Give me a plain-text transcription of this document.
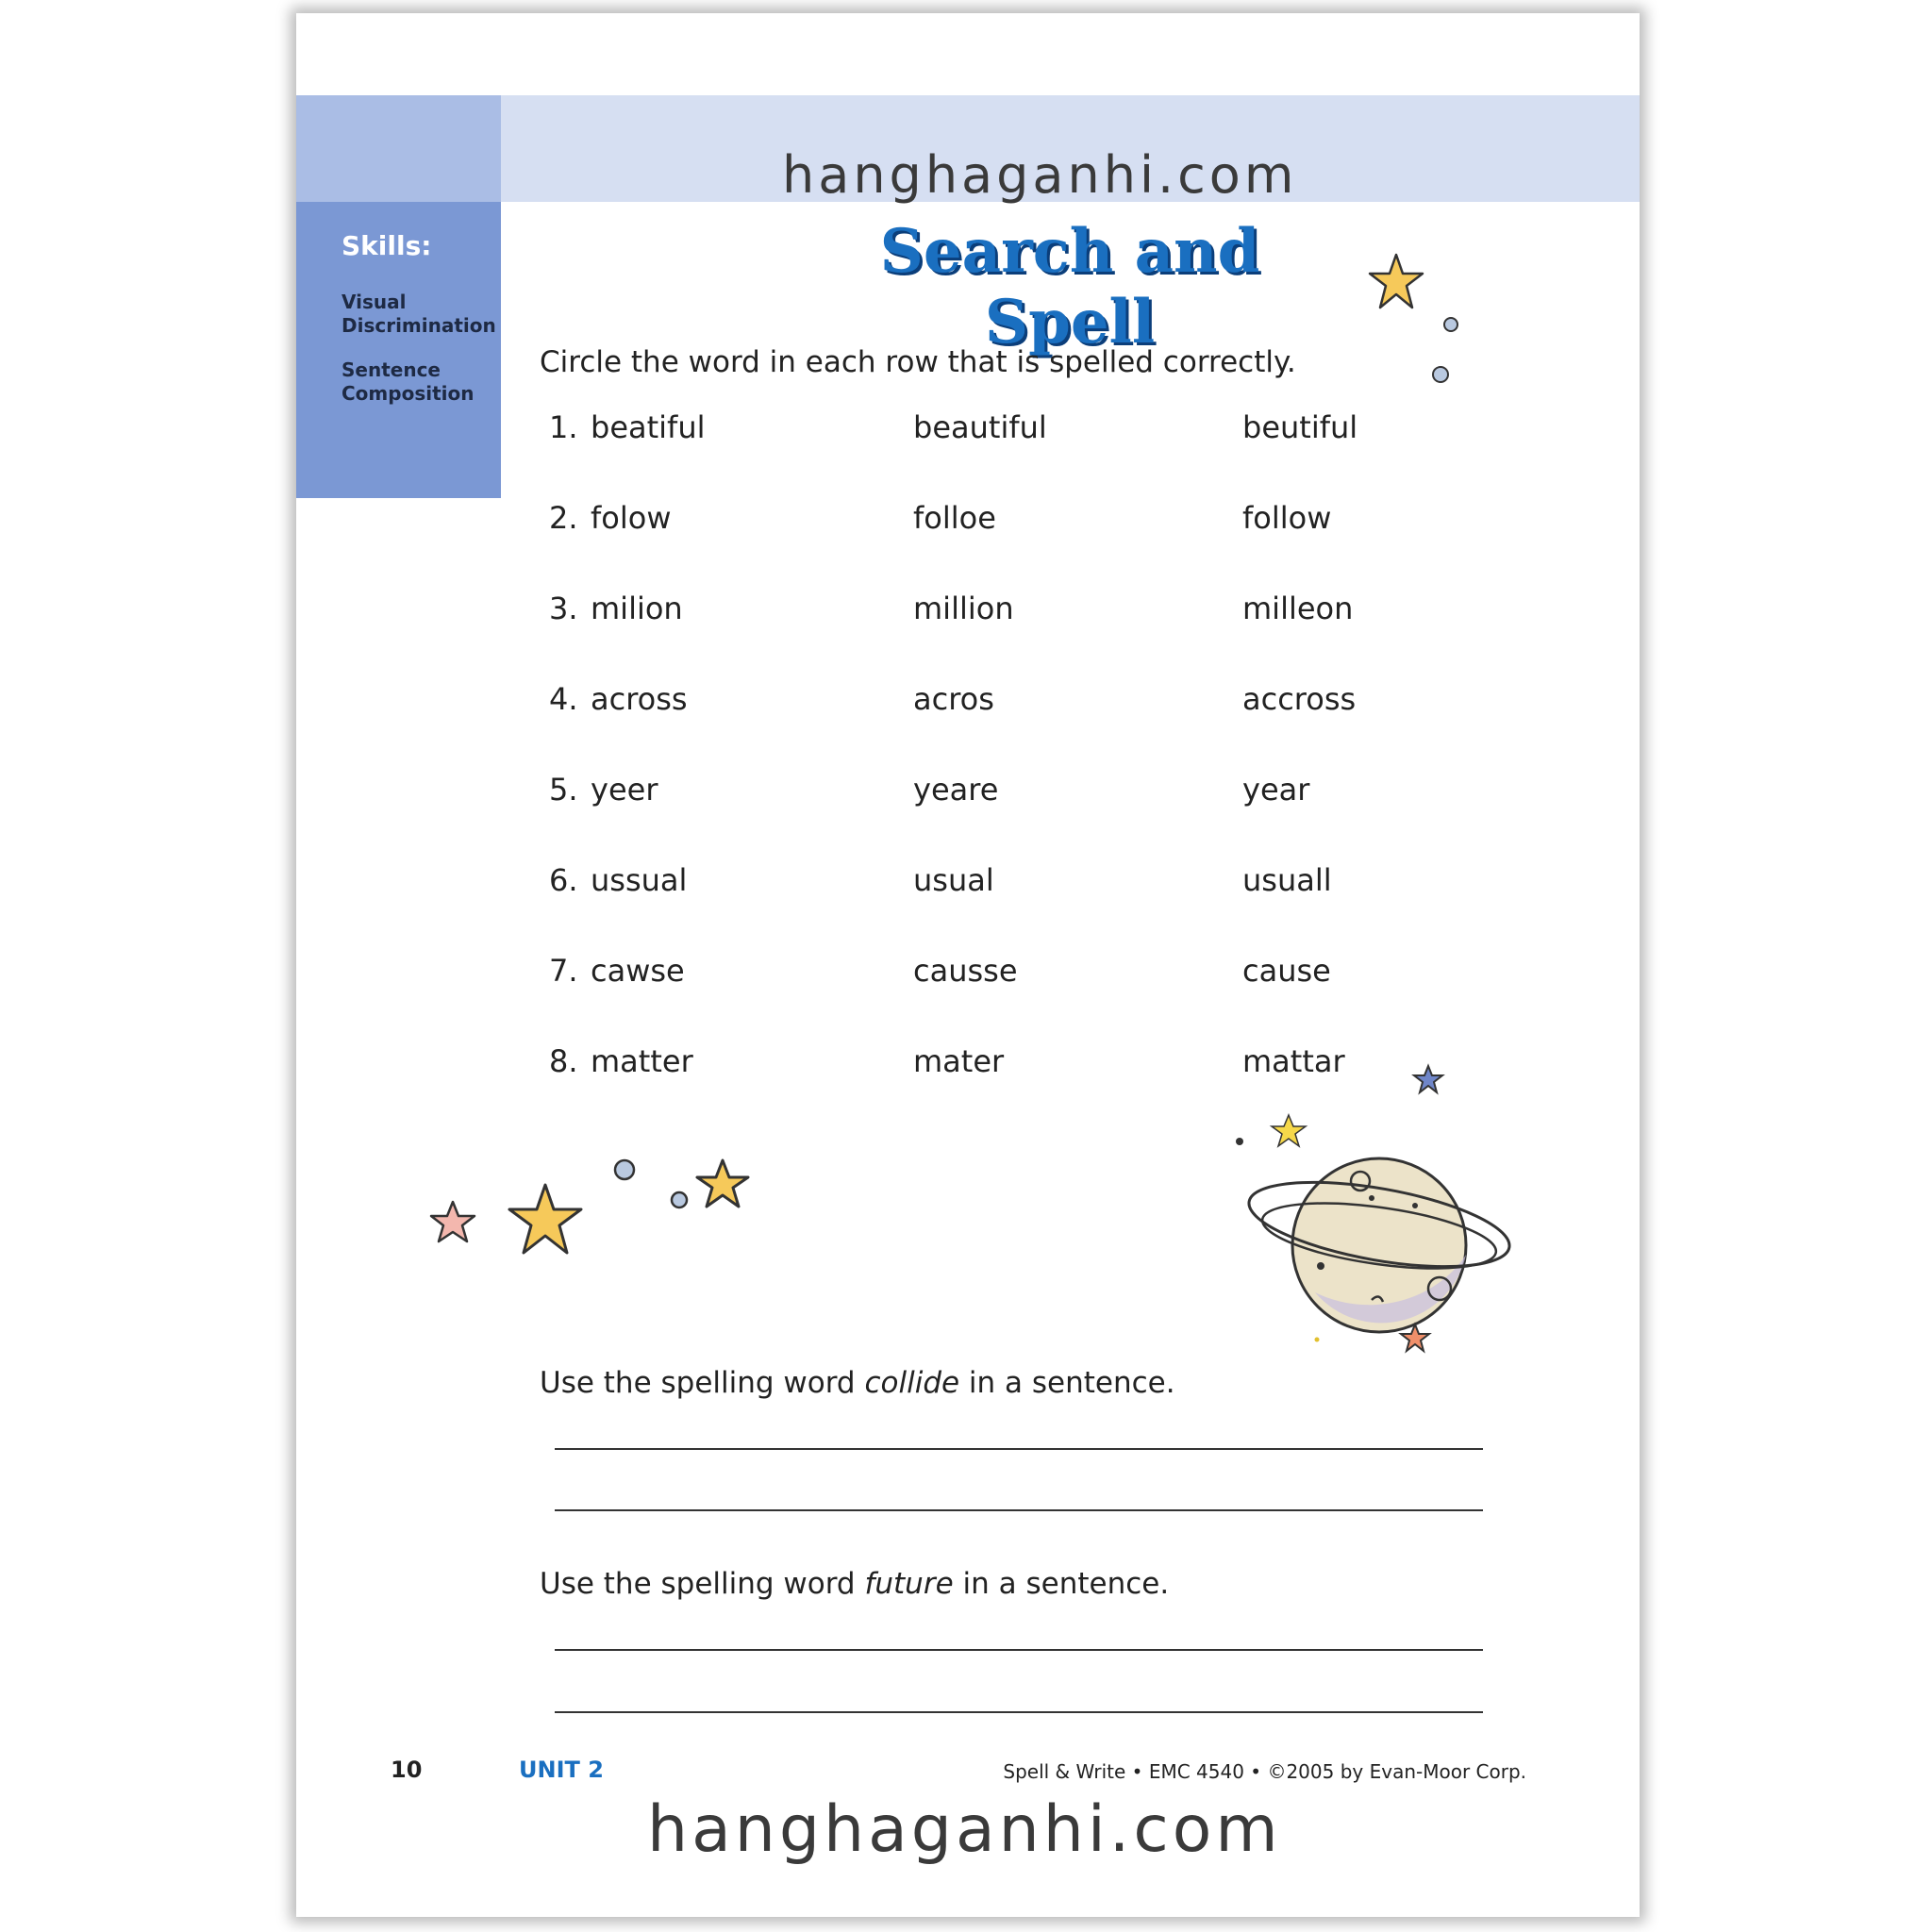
Skills:
Visual Discrimination
Sentence Composition
hanghaganhi.com
Search and Spell
Circle the word in each row that is spelled correctly.
1. beatiful	beautiful	beutiful
2. folow	folloe	follow
3. milion	million	milleon
4. across	acros	accross
5. yeer	yeare	year
6. ussual	usual	usuall
7. cawse	causse	cause
8. matter	mater	mattar
Use the spelling word collide in a sentence.
Use the spelling word future in a sentence.
10	UNIT 2	Spell & Write • EMC 4540 • ©2005 by Evan-Moor Corp.
hanghaganhi.com
